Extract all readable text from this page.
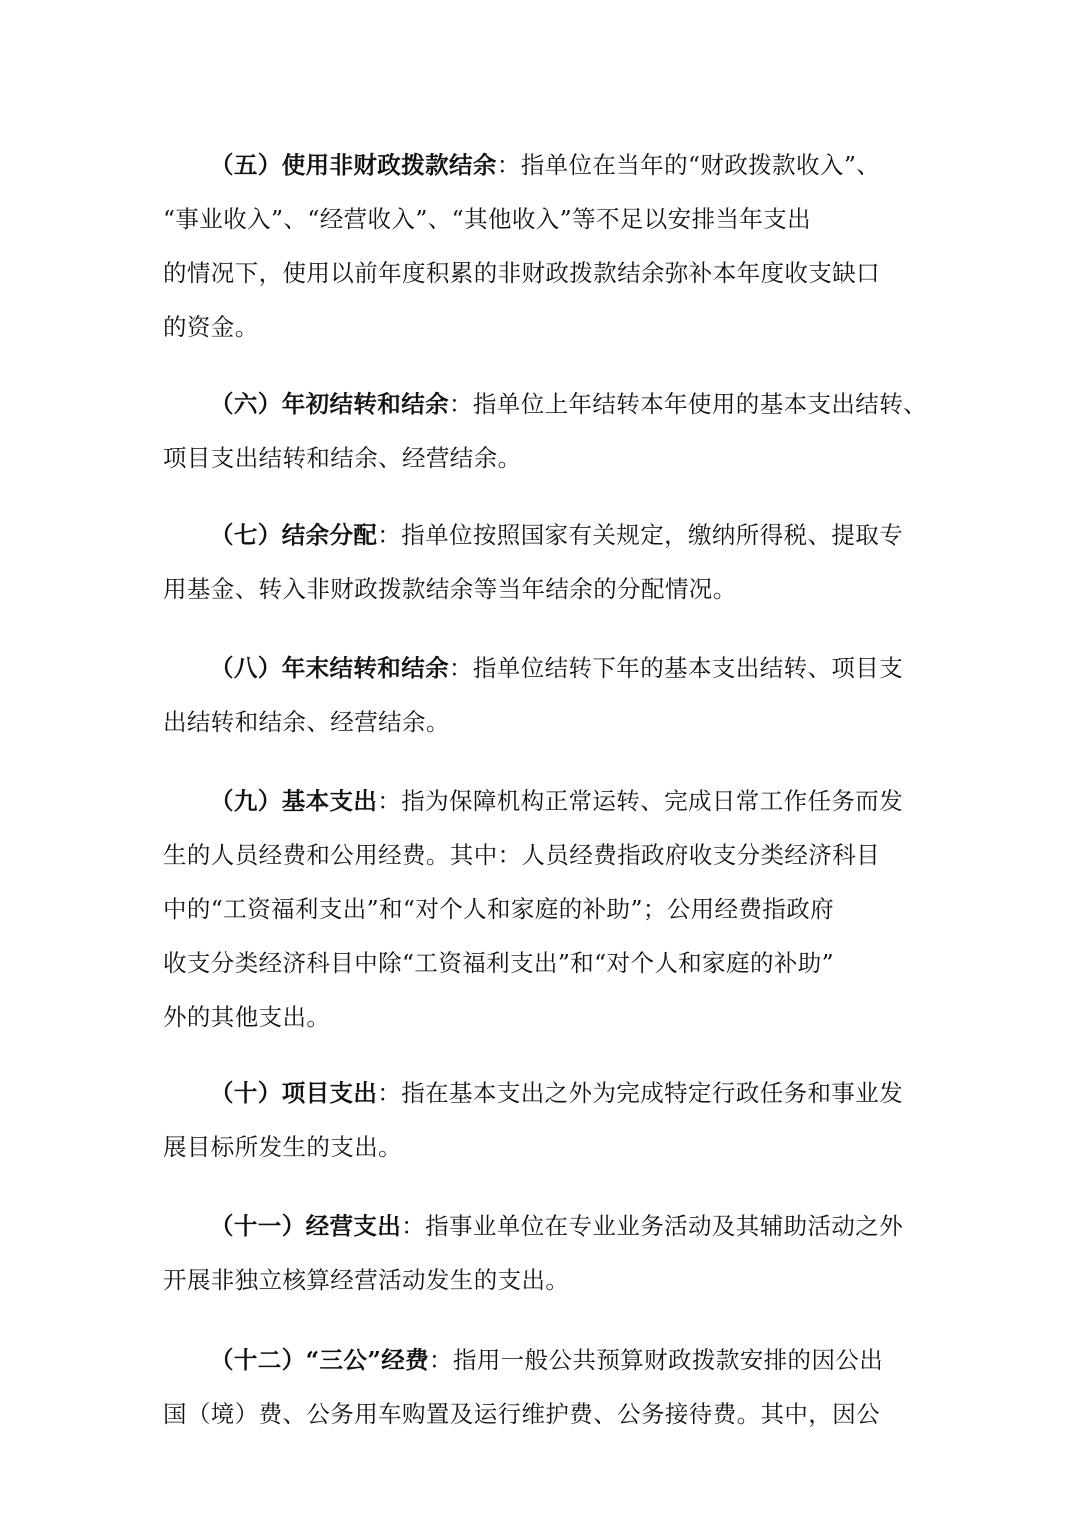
（五）使用非财政拨款结余：指单位在当年的“财政拨款收入”、
“事业收入”、“经营收入”、“其他收入”等不足以安排当年支出
的情况下，使用以前年度积累的非财政拨款结余弥补本年度收支缺口
的资金。
（六）年初结转和结余：指单位上年结转本年使用的基本支出结转、
项目支出结转和结余、经营结余。
（七）结余分配：指单位按照国家有关规定，缴纳所得税、提取专
用基金、转入非财政拨款结余等当年结余的分配情况。
（八）年末结转和结余：指单位结转下年的基本支出结转、项目支
出结转和结余、经营结余。
（九）基本支出：指为保障机构正常运转、完成日常工作任务而发
生的人员经费和公用经费。其中：人员经费指政府收支分类经济科目
中的“工资福利支出”和“对个人和家庭的补助”；公用经费指政府
收支分类经济科目中除“工资福利支出”和“对个人和家庭的补助”
外的其他支出。
（十）项目支出：指在基本支出之外为完成特定行政任务和事业发
展目标所发生的支出。
（十一）经营支出：指事业单位在专业业务活动及其辅助活动之外
开展非独立核算经营活动发生的支出。
（十二）“三公”经费：指用一般公共预算财政拨款安排的因公出
国（境）费、公务用车购置及运行维护费、公务接待费。其中，因公
